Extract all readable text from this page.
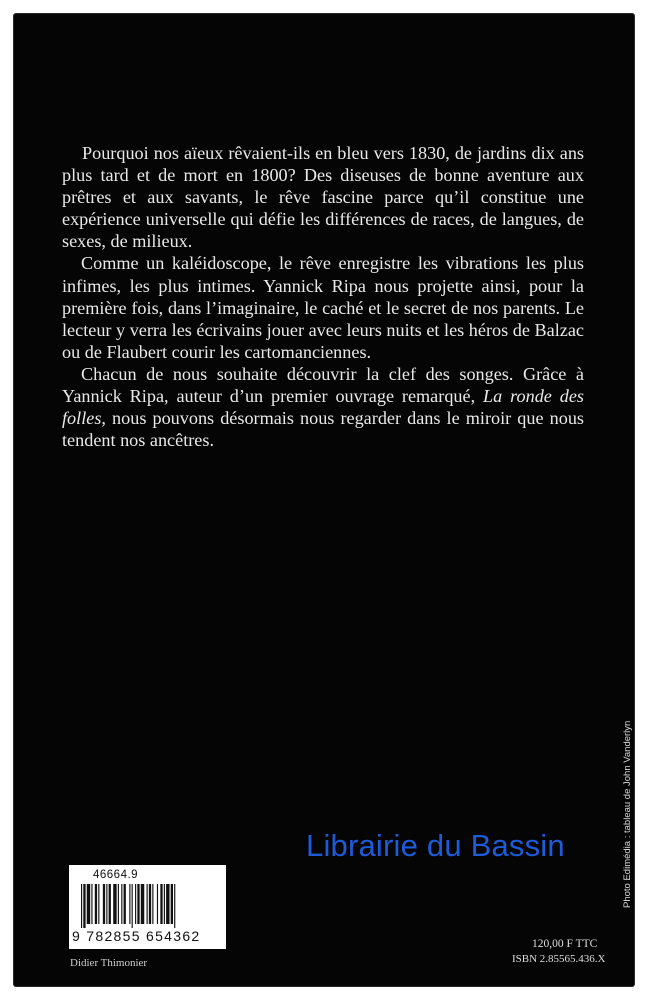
Pourquoi nos aïeux rêvaient-ils en bleu vers 1830, de jardins dix ans plus tard et de mort en 1800? Des diseuses de bonne aventure aux prêtres et aux savants, le rêve fascine parce qu’il constitue une expérience universelle qui défie les différences de races, de langues, de sexes, de milieux.

Comme un kaléidoscope, le rêve enregistre les vibrations les plus infimes, les plus intimes. Yannick Ripa nous projette ainsi, pour la première fois, dans l’imaginaire, le caché et le secret de nos parents. Le lecteur y verra les écrivains jouer avec leurs nuits et les héros de Balzac ou de Flaubert courir les cartomanciennes.

Chacun de nous souhaite découvrir la clef des songes. Grâce à Yannick Ripa, auteur d’un premier ouvrage remarqué, La ronde des folles, nous pouvons désormais nous regarder dans le miroir que nous tendent nos ancêtres.

Librairie du Bassin	Photo Edimédia : tableau de John Vanderlyn
46664.9
9 782855 654362
Didier Thimonier
120,00 F TTC
ISBN 2.85565.436.X
